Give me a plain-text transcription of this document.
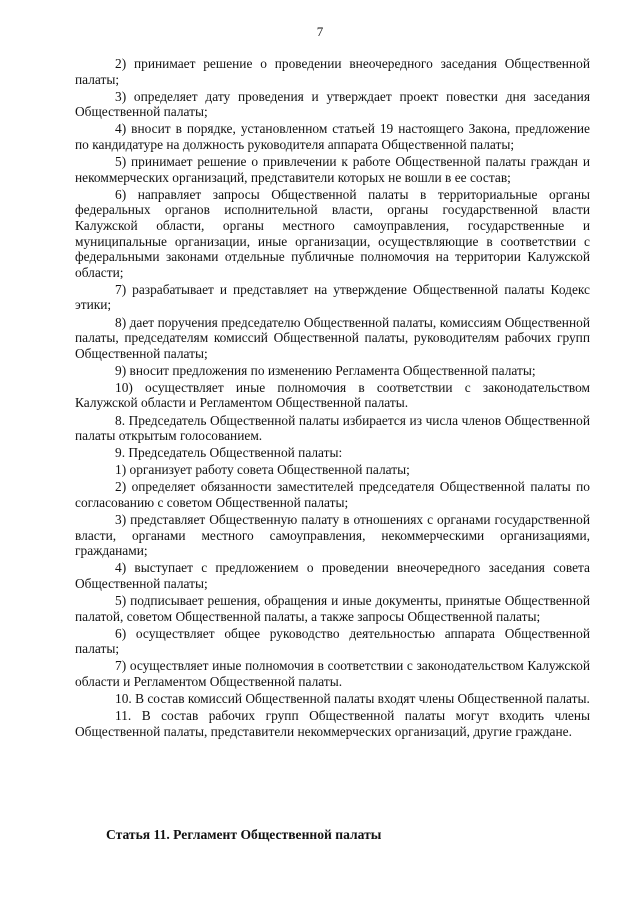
7

2) принимает решение о проведении внеочередного заседания Общественной палаты;

3) определяет дату проведения и утверждает проект повестки дня заседания Общественной палаты;

4) вносит в порядке, установленном статьей 19 настоящего Закона, предложение по кандидатуре на должность руководителя аппарата Общественной палаты;

5) принимает решение о привлечении к работе Общественной палаты граждан и некоммерческих организаций, представители которых не вошли в ее состав;

6) направляет запросы Общественной палаты в территориальные органы федеральных органов исполнительной власти, органы государственной власти Калужской области, органы местного самоуправления, государственные и муниципальные организации, иные организации, осуществляющие в соответствии с федеральными законами отдельные публичные полномочия на территории Калужской области;

7) разрабатывает и представляет на утверждение Общественной палаты Кодекс этики;

8) дает поручения председателю Общественной палаты, комиссиям Общественной палаты, председателям комиссий Общественной палаты, руководителям рабочих групп Общественной палаты;

9) вносит предложения по изменению Регламента Общественной палаты;

10) осуществляет иные полномочия в соответствии с законодательством Калужской области и Регламентом Общественной палаты.

8. Председатель Общественной палаты избирается из числа членов Общественной палаты открытым голосованием.

9. Председатель Общественной палаты:

1) организует работу совета Общественной палаты;

2) определяет обязанности заместителей председателя Общественной палаты по согласованию с советом Общественной палаты;

3) представляет Общественную палату в отношениях с органами государственной власти, органами местного самоуправления, некоммерческими организациями, гражданами;

4) выступает с предложением о проведении внеочередного заседания совета Общественной палаты;

5) подписывает решения, обращения и иные документы, принятые Общественной палатой, советом Общественной палаты, а также запросы Общественной палаты;

6) осуществляет общее руководство деятельностью аппарата Общественной палаты;

7) осуществляет иные полномочия в соответствии с законодательством Калужской области и Регламентом Общественной палаты.

10. В состав комиссий Общественной палаты входят члены Общественной палаты.

11. В состав рабочих групп Общественной палаты могут входить члены Общественной палаты, представители некоммерческих организаций, другие граждане.

Статья 11. Регламент Общественной палаты
